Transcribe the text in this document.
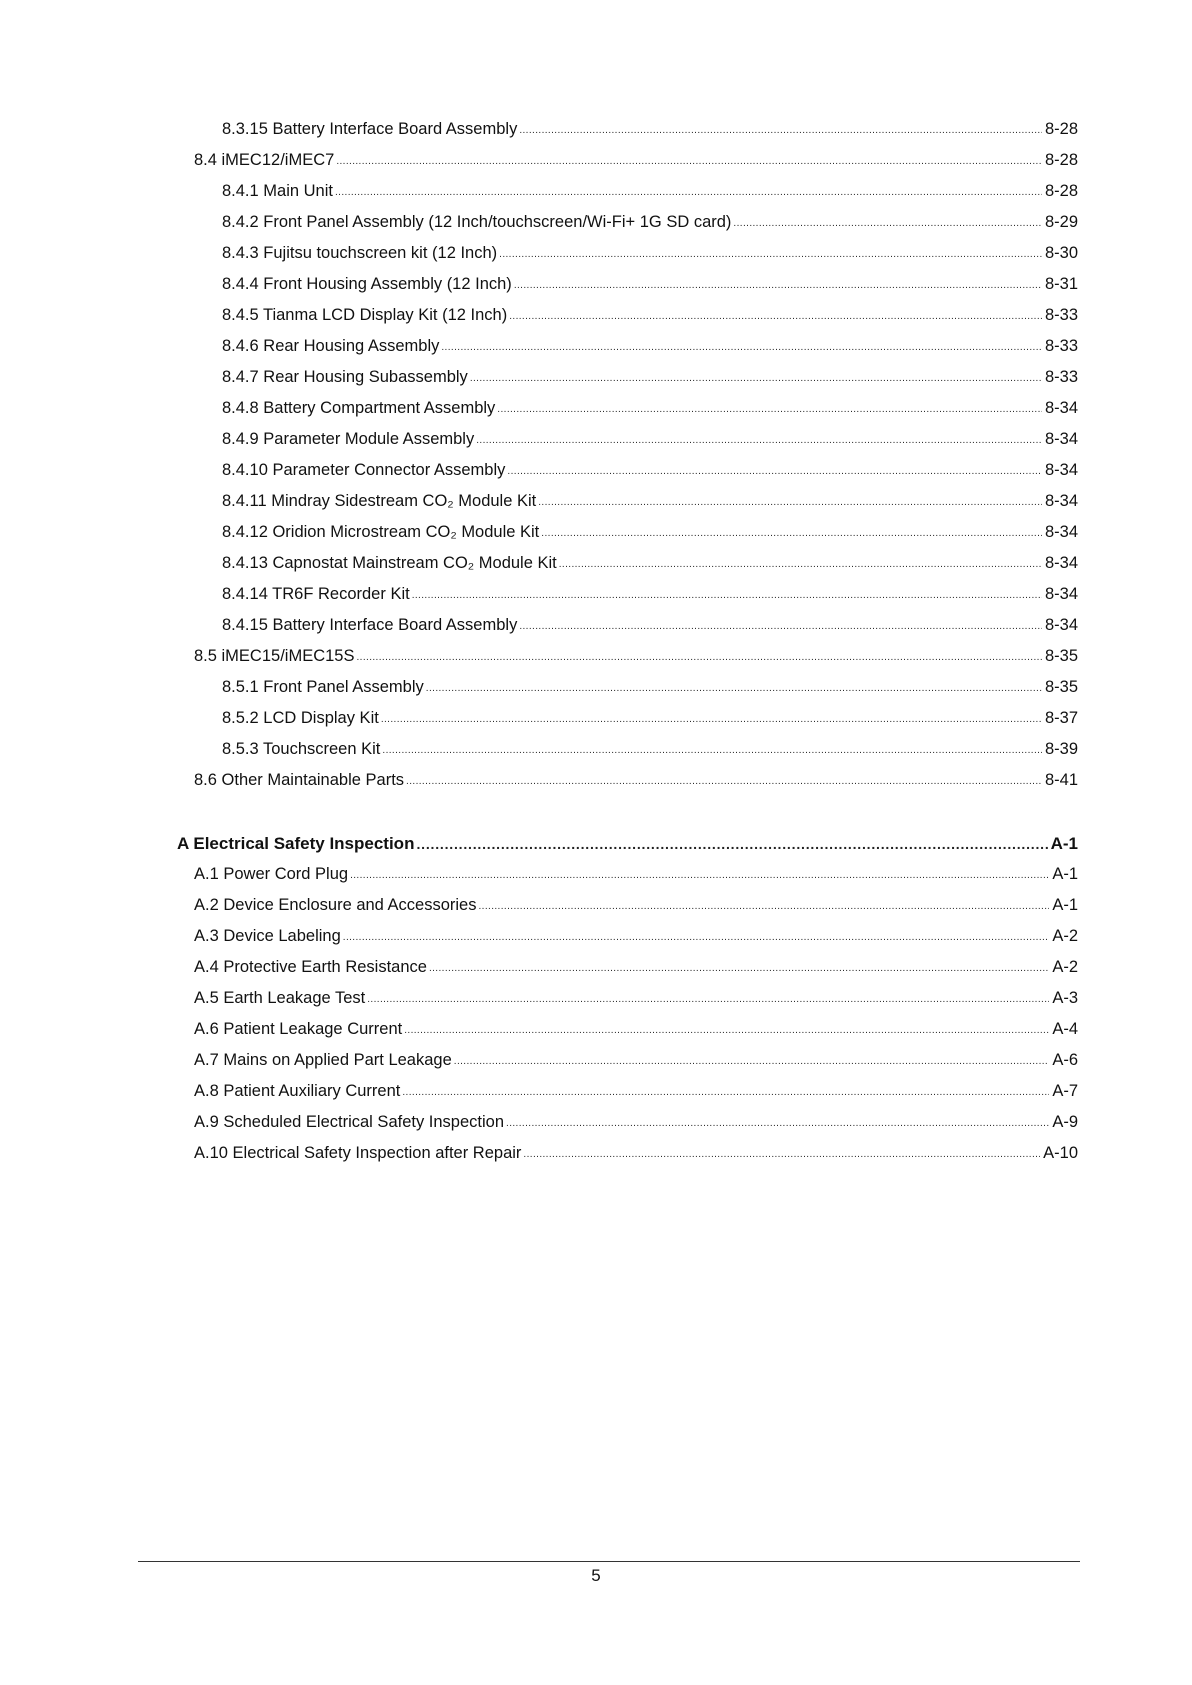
8.3.15 Battery Interface Board Assembly .....	8-28
8.4 iMEC12/iMEC7 .....	8-28
8.4.1 Main Unit .....	8-28
8.4.2 Front Panel Assembly (12 Inch/touchscreen/Wi-Fi+ 1G SD card) .....	8-29
8.4.3 Fujitsu touchscreen kit (12 Inch) .....	8-30
8.4.4 Front Housing Assembly (12 Inch) .....	8-31
8.4.5 Tianma LCD Display Kit (12 Inch) .....	8-33
8.4.6 Rear Housing Assembly .....	8-33
8.4.7 Rear Housing Subassembly .....	8-33
8.4.8 Battery Compartment Assembly .....	8-34
8.4.9 Parameter Module Assembly .....	8-34
8.4.10 Parameter Connector Assembly .....	8-34
8.4.11 Mindray Sidestream CO₂ Module Kit .....	8-34
8.4.12 Oridion Microstream CO₂ Module Kit .....	8-34
8.4.13 Capnostat Mainstream CO₂ Module Kit .....	8-34
8.4.14 TR6F Recorder Kit .....	8-34
8.4.15 Battery Interface Board Assembly .....	8-34
8.5 iMEC15/iMEC15S .....	8-35
8.5.1 Front Panel Assembly .....	8-35
8.5.2 LCD Display Kit .....	8-37
8.5.3 Touchscreen Kit .....	8-39
8.6 Other Maintainable Parts .....	8-41
A Electrical Safety Inspection .....	A-1
A.1 Power Cord Plug .....	A-1
A.2 Device Enclosure and Accessories .....	A-1
A.3 Device Labeling .....	A-2
A.4 Protective Earth Resistance .....	A-2
A.5 Earth Leakage Test .....	A-3
A.6 Patient Leakage Current .....	A-4
A.7 Mains on Applied Part Leakage .....	A-6
A.8 Patient Auxiliary Current .....	A-7
A.9 Scheduled Electrical Safety Inspection .....	A-9
A.10 Electrical Safety Inspection after Repair .....	A-10
5
